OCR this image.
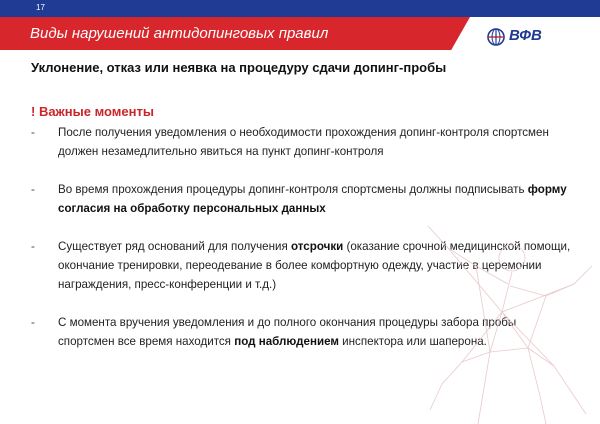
17
Виды нарушений антидопинговых правил	ВФВ
Уклонение, отказ или неявка на процедуру сдачи допинг-пробы
! Важные моменты
-	После получения уведомления о необходимости прохождения допинг-контроля спортсмен должен незамедлительно явиться на пункт допинг-контроля
-	Во время прохождения процедуры допинг-контроля спортсмены должны подписывать форму согласия на обработку персональных данных
-	Существует ряд оснований для получения отсрочки (оказание срочной медицинской помощи, окончание тренировки, переодевание в более комфортную одежду, участие в церемонии награждения, пресс-конференции и т.д.)
-	С момента вручения уведомления и до полного окончания процедуры забора пробы спортсмен все время находится под наблюдением инспектора или шаперона.
